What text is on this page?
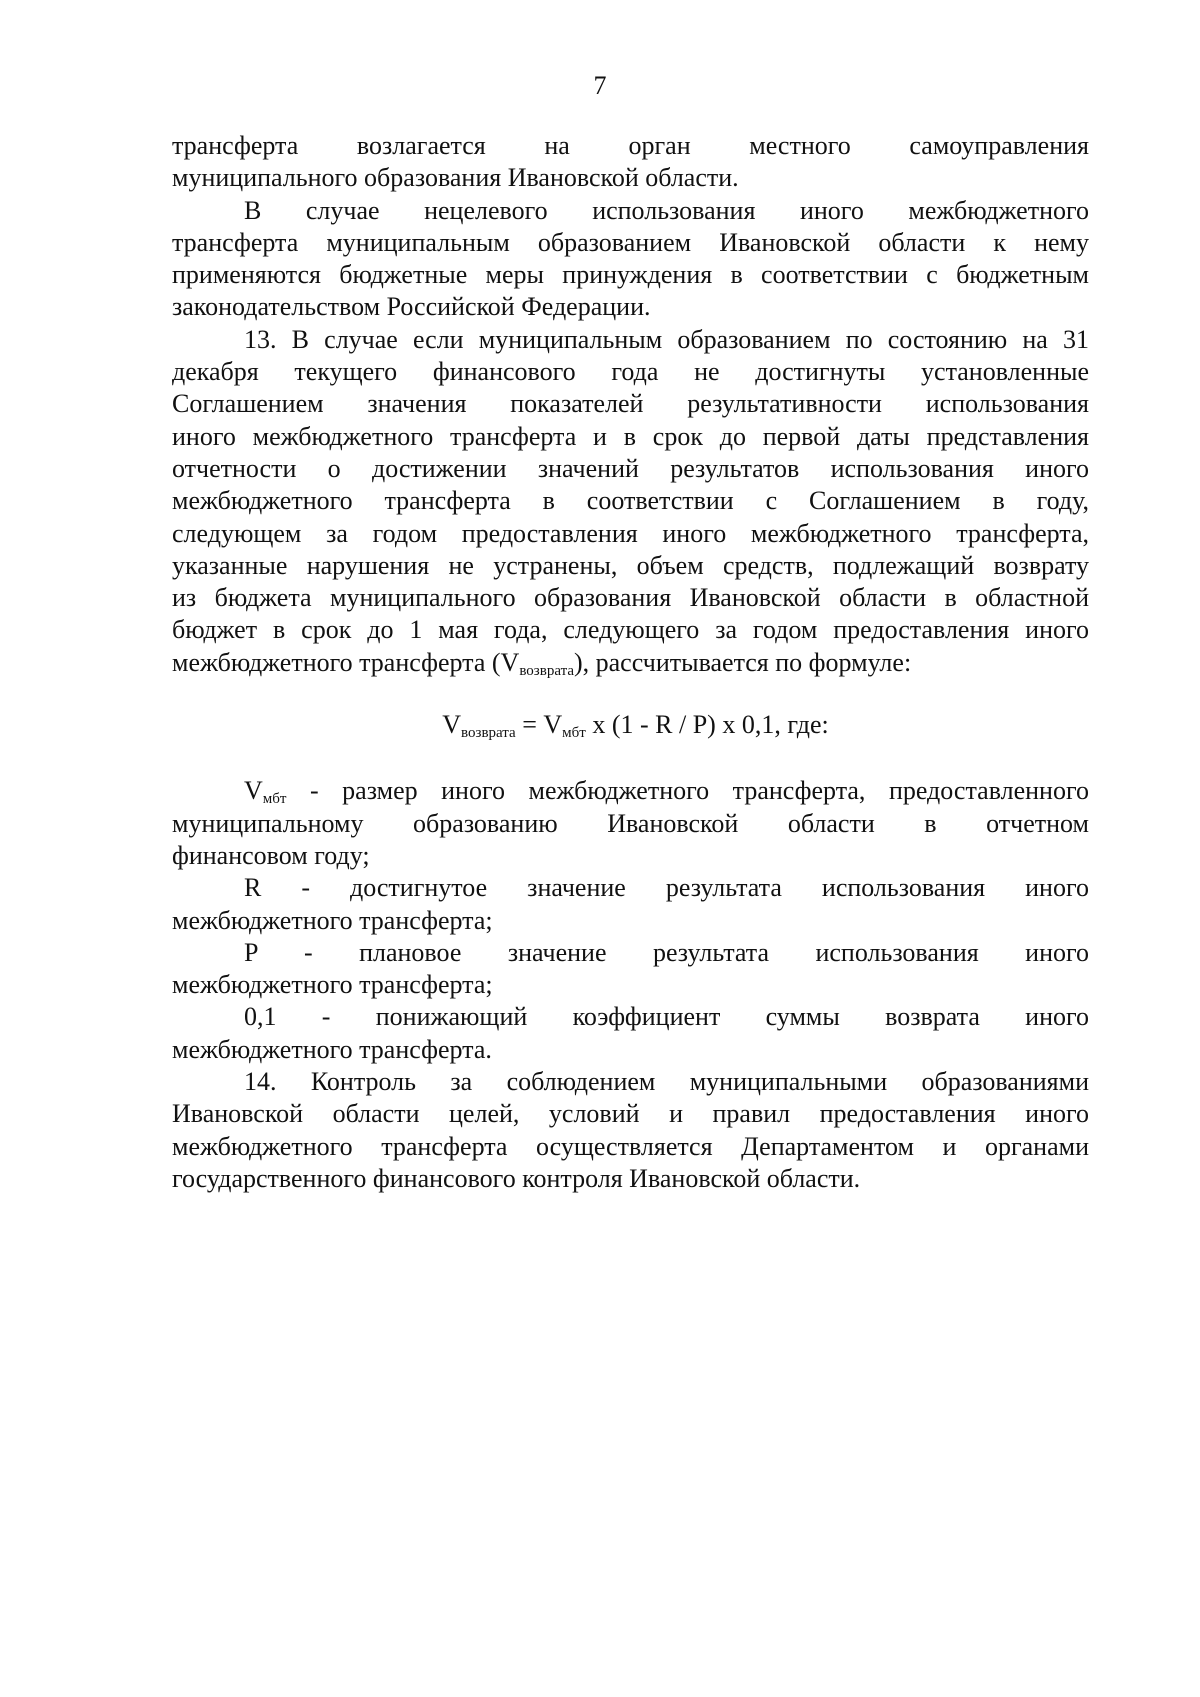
7

трансферта возлагается на орган местного самоуправления

муниципального образования Ивановской области.

В случае нецелевого использования иного межбюджетного

трансферта муниципальным образованием Ивановской области к нему

применяются бюджетные меры принуждения в соответствии с бюджетным

законодательством Российской Федерации.

13. В случае если муниципальным образованием по состоянию на 31

декабря текущего финансового года не достигнуты установленные

Соглашением значения показателей результативности использования

иного межбюджетного трансферта и в срок до первой даты представления

отчетности о достижении значений результатов использования иного

межбюджетного трансферта в соответствии с Соглашением в году,

следующем за годом предоставления иного межбюджетного трансферта,

указанные нарушения не устранены, объем средств, подлежащий возврату

из бюджета муниципального образования Ивановской области в областной

бюджет в срок до 1 мая года, следующего за годом предоставления иного

межбюджетного трансферта $(V_{возврата})$, рассчитывается по формуле:

$V_{возврата} = V_{мбт}$ x (1 - R / P) x 0,1, где:

$V_{мбт}$ - размер иного межбюджетного трансферта, предоставленного

муниципальному образованию Ивановской области в отчетном

финансовом году;

R - достигнутое значение результата использования иного

межбюджетного трансферта;

P - плановое значение результата использования иного

межбюджетного трансферта;

0,1 - понижающий коэффициент суммы возврата иного

межбюджетного трансферта.

14. Контроль за соблюдением муниципальными образованиями

Ивановской области целей, условий и правил предоставления иного

межбюджетного трансферта осуществляется Департаментом и органами

государственного финансового контроля Ивановской области.
